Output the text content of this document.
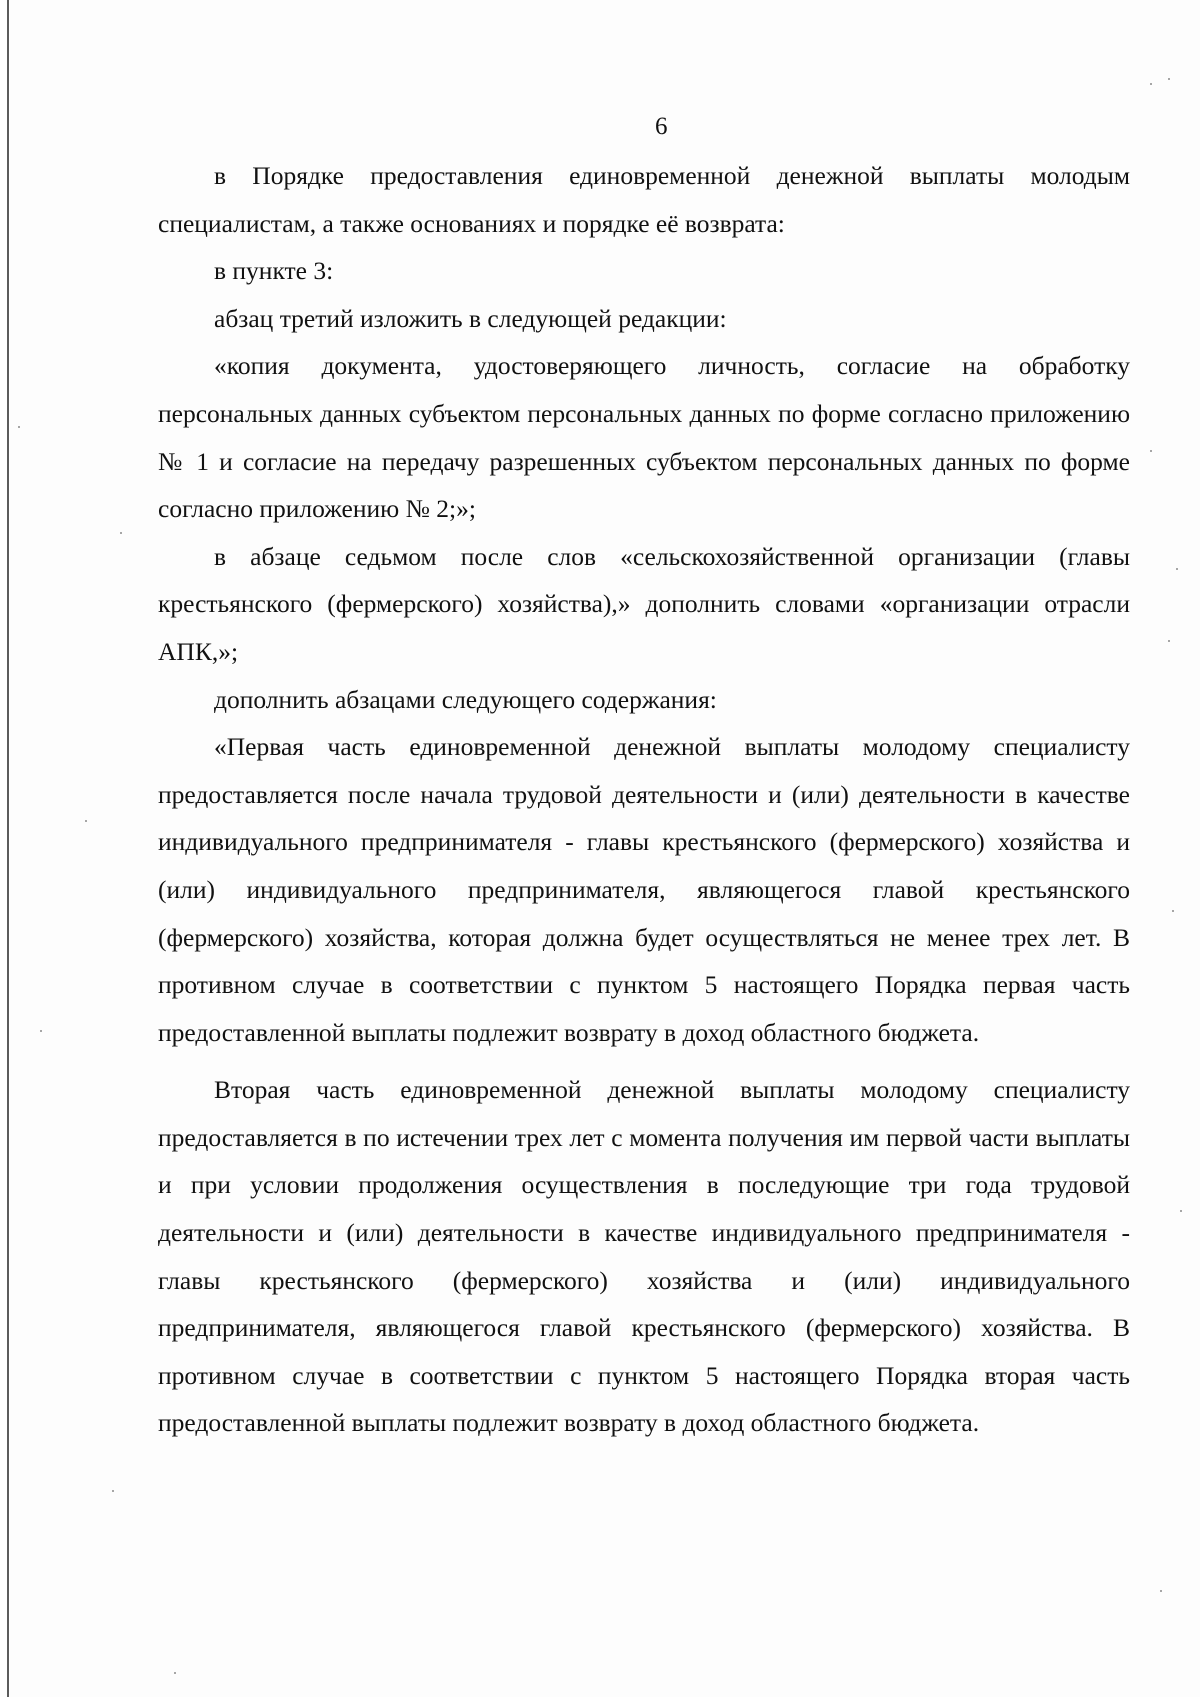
6

в Порядке предоставления единовременной денежной выплаты молодым специалистам, а также основаниях и порядке её возврата:

в пункте 3:

абзац третий изложить в следующей редакции:

«копия документа, удостоверяющего личность, согласие на обработку персональных данных субъектом персональных данных по форме согласно приложению № 1 и согласие на передачу разрешенных субъектом персональных данных по форме согласно приложению № 2;»;

в абзаце седьмом после слов «сельскохозяйственной организации (главы крестьянского (фермерского) хозяйства),» дополнить словами «организации отрасли АПК,»;

дополнить абзацами следующего содержания:

«Первая часть единовременной денежной выплаты молодому специалисту предоставляется после начала трудовой деятельности и (или) деятельности в качестве индивидуального предпринимателя - главы крестьянского (фермерского) хозяйства и (или) индивидуального предпринимателя, являющегося главой крестьянского (фермерского) хозяйства, которая должна будет осуществляться не менее трех лет. В противном случае в соответствии с пунктом 5 настоящего Порядка первая часть предоставленной выплаты подлежит возврату в доход областного бюджета.

Вторая часть единовременной денежной выплаты молодому специалисту предоставляется в по истечении трех лет с момента получения им первой части выплаты и при условии продолжения осуществления в последующие три года трудовой деятельности и (или) деятельности в качестве индивидуального предпринимателя - главы крестьянского (фермерского) хозяйства и (или) индивидуального предпринимателя, являющегося главой крестьянского (фермерского) хозяйства. В противном случае в соответствии с пунктом 5 настоящего Порядка вторая часть предоставленной выплаты подлежит возврату в доход областного бюджета.
